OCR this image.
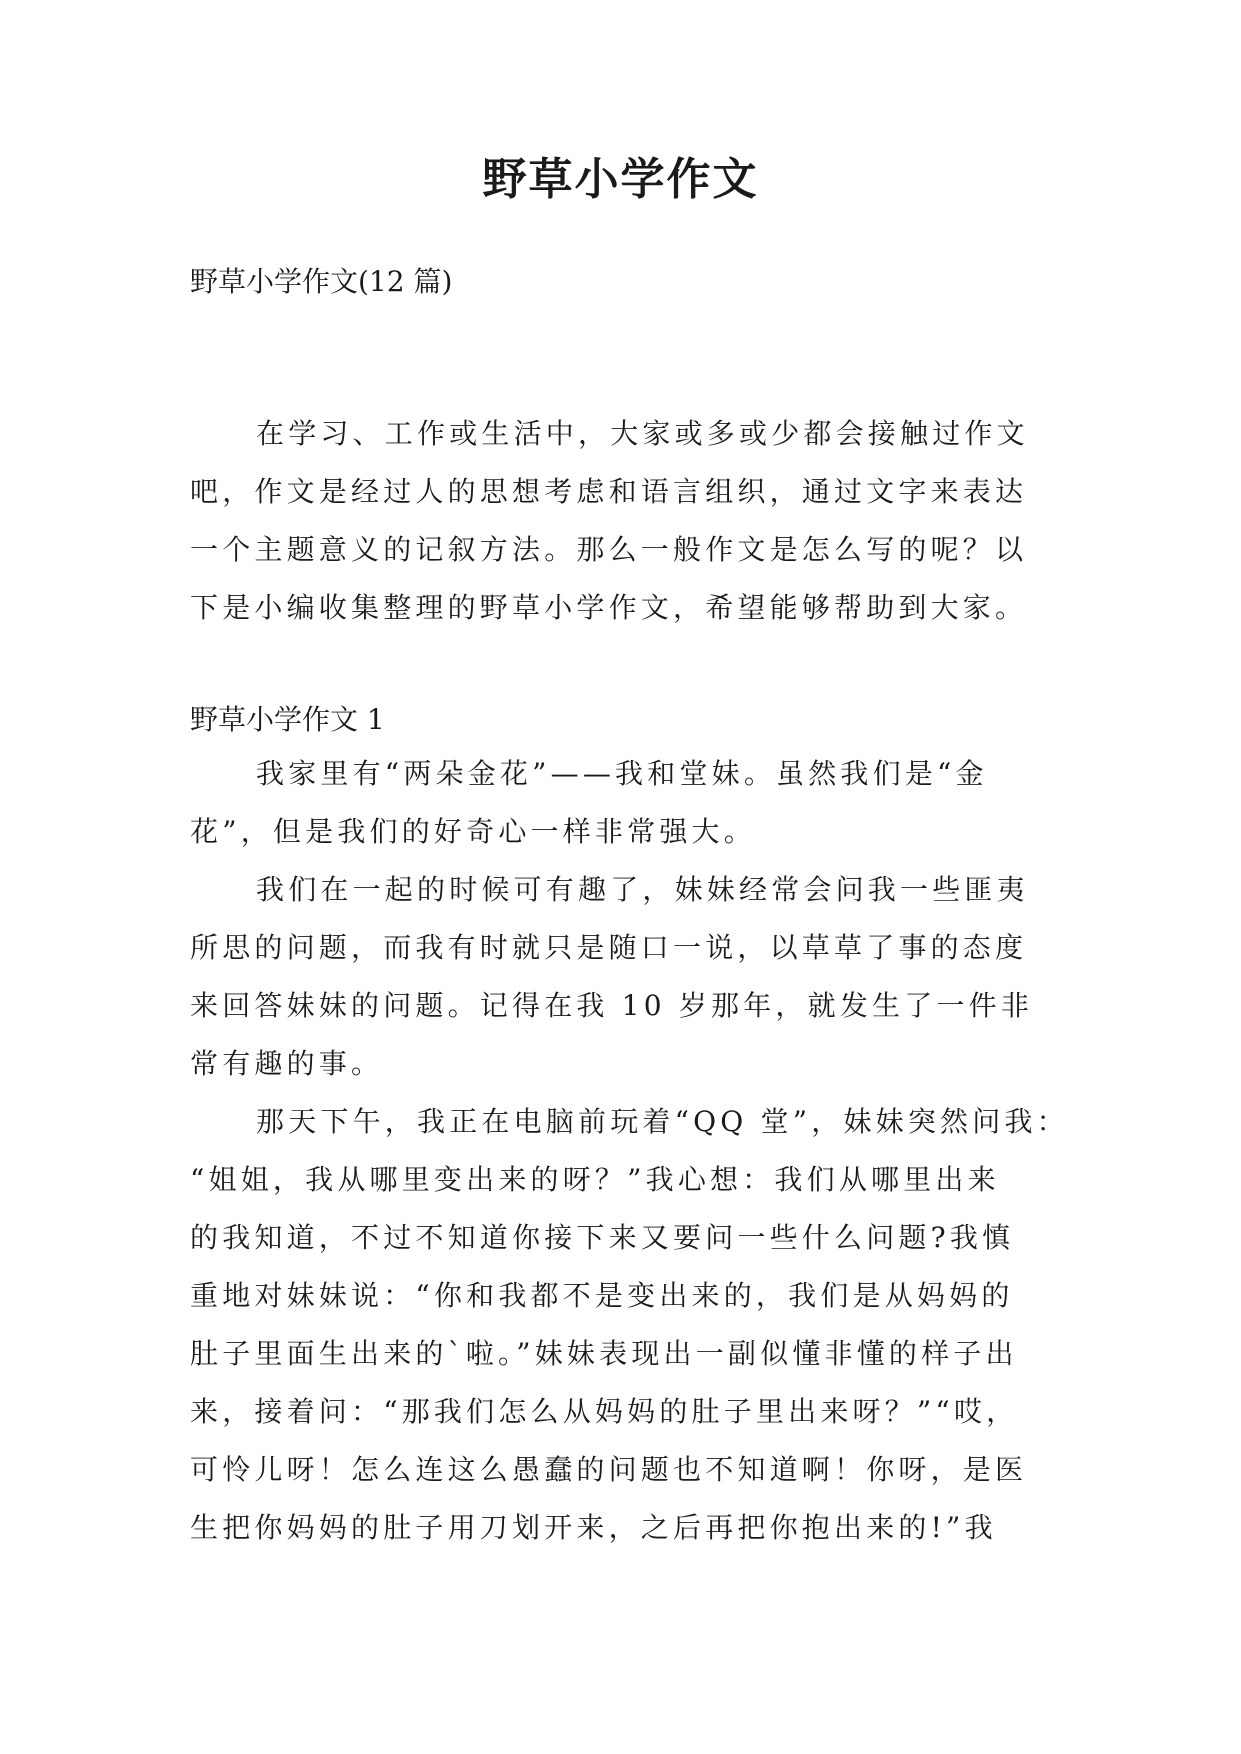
野草小学作文

野草小学作文(12 篇)

在学习、工作或生活中，大家或多或少都会接触过作文
吧，作文是经过人的思想考虑和语言组织，通过文字来表达
一个主题意义的记叙方法。那么一般作文是怎么写的呢？以
下是小编收集整理的野草小学作文，希望能够帮助到大家。

野草小学作文 1

我家里有“两朵金花”——我和堂妹。虽然我们是“金
花”，但是我们的好奇心一样非常强大。
我们在一起的时候可有趣了，妹妹经常会问我一些匪夷
所思的问题，而我有时就只是随口一说，以草草了事的态度
来回答妹妹的问题。记得在我 10 岁那年，就发生了一件非
常有趣的事。
那天下午，我正在电脑前玩着“QQ 堂”，妹妹突然问我：
“姐姐，我从哪里变出来的呀？”我心想：我们从哪里出来
的我知道，不过不知道你接下来又要问一些什么问题?我慎
重地对妹妹说：“你和我都不是变出来的，我们是从妈妈的
肚子里面生出来的`啦。”妹妹表现出一副似懂非懂的样子出
来，接着问：“那我们怎么从妈妈的肚子里出来呀？”“哎，
可怜儿呀！怎么连这么愚蠢的问题也不知道啊！你呀，是医
生把你妈妈的肚子用刀划开来，之后再把你抱出来的!”我
